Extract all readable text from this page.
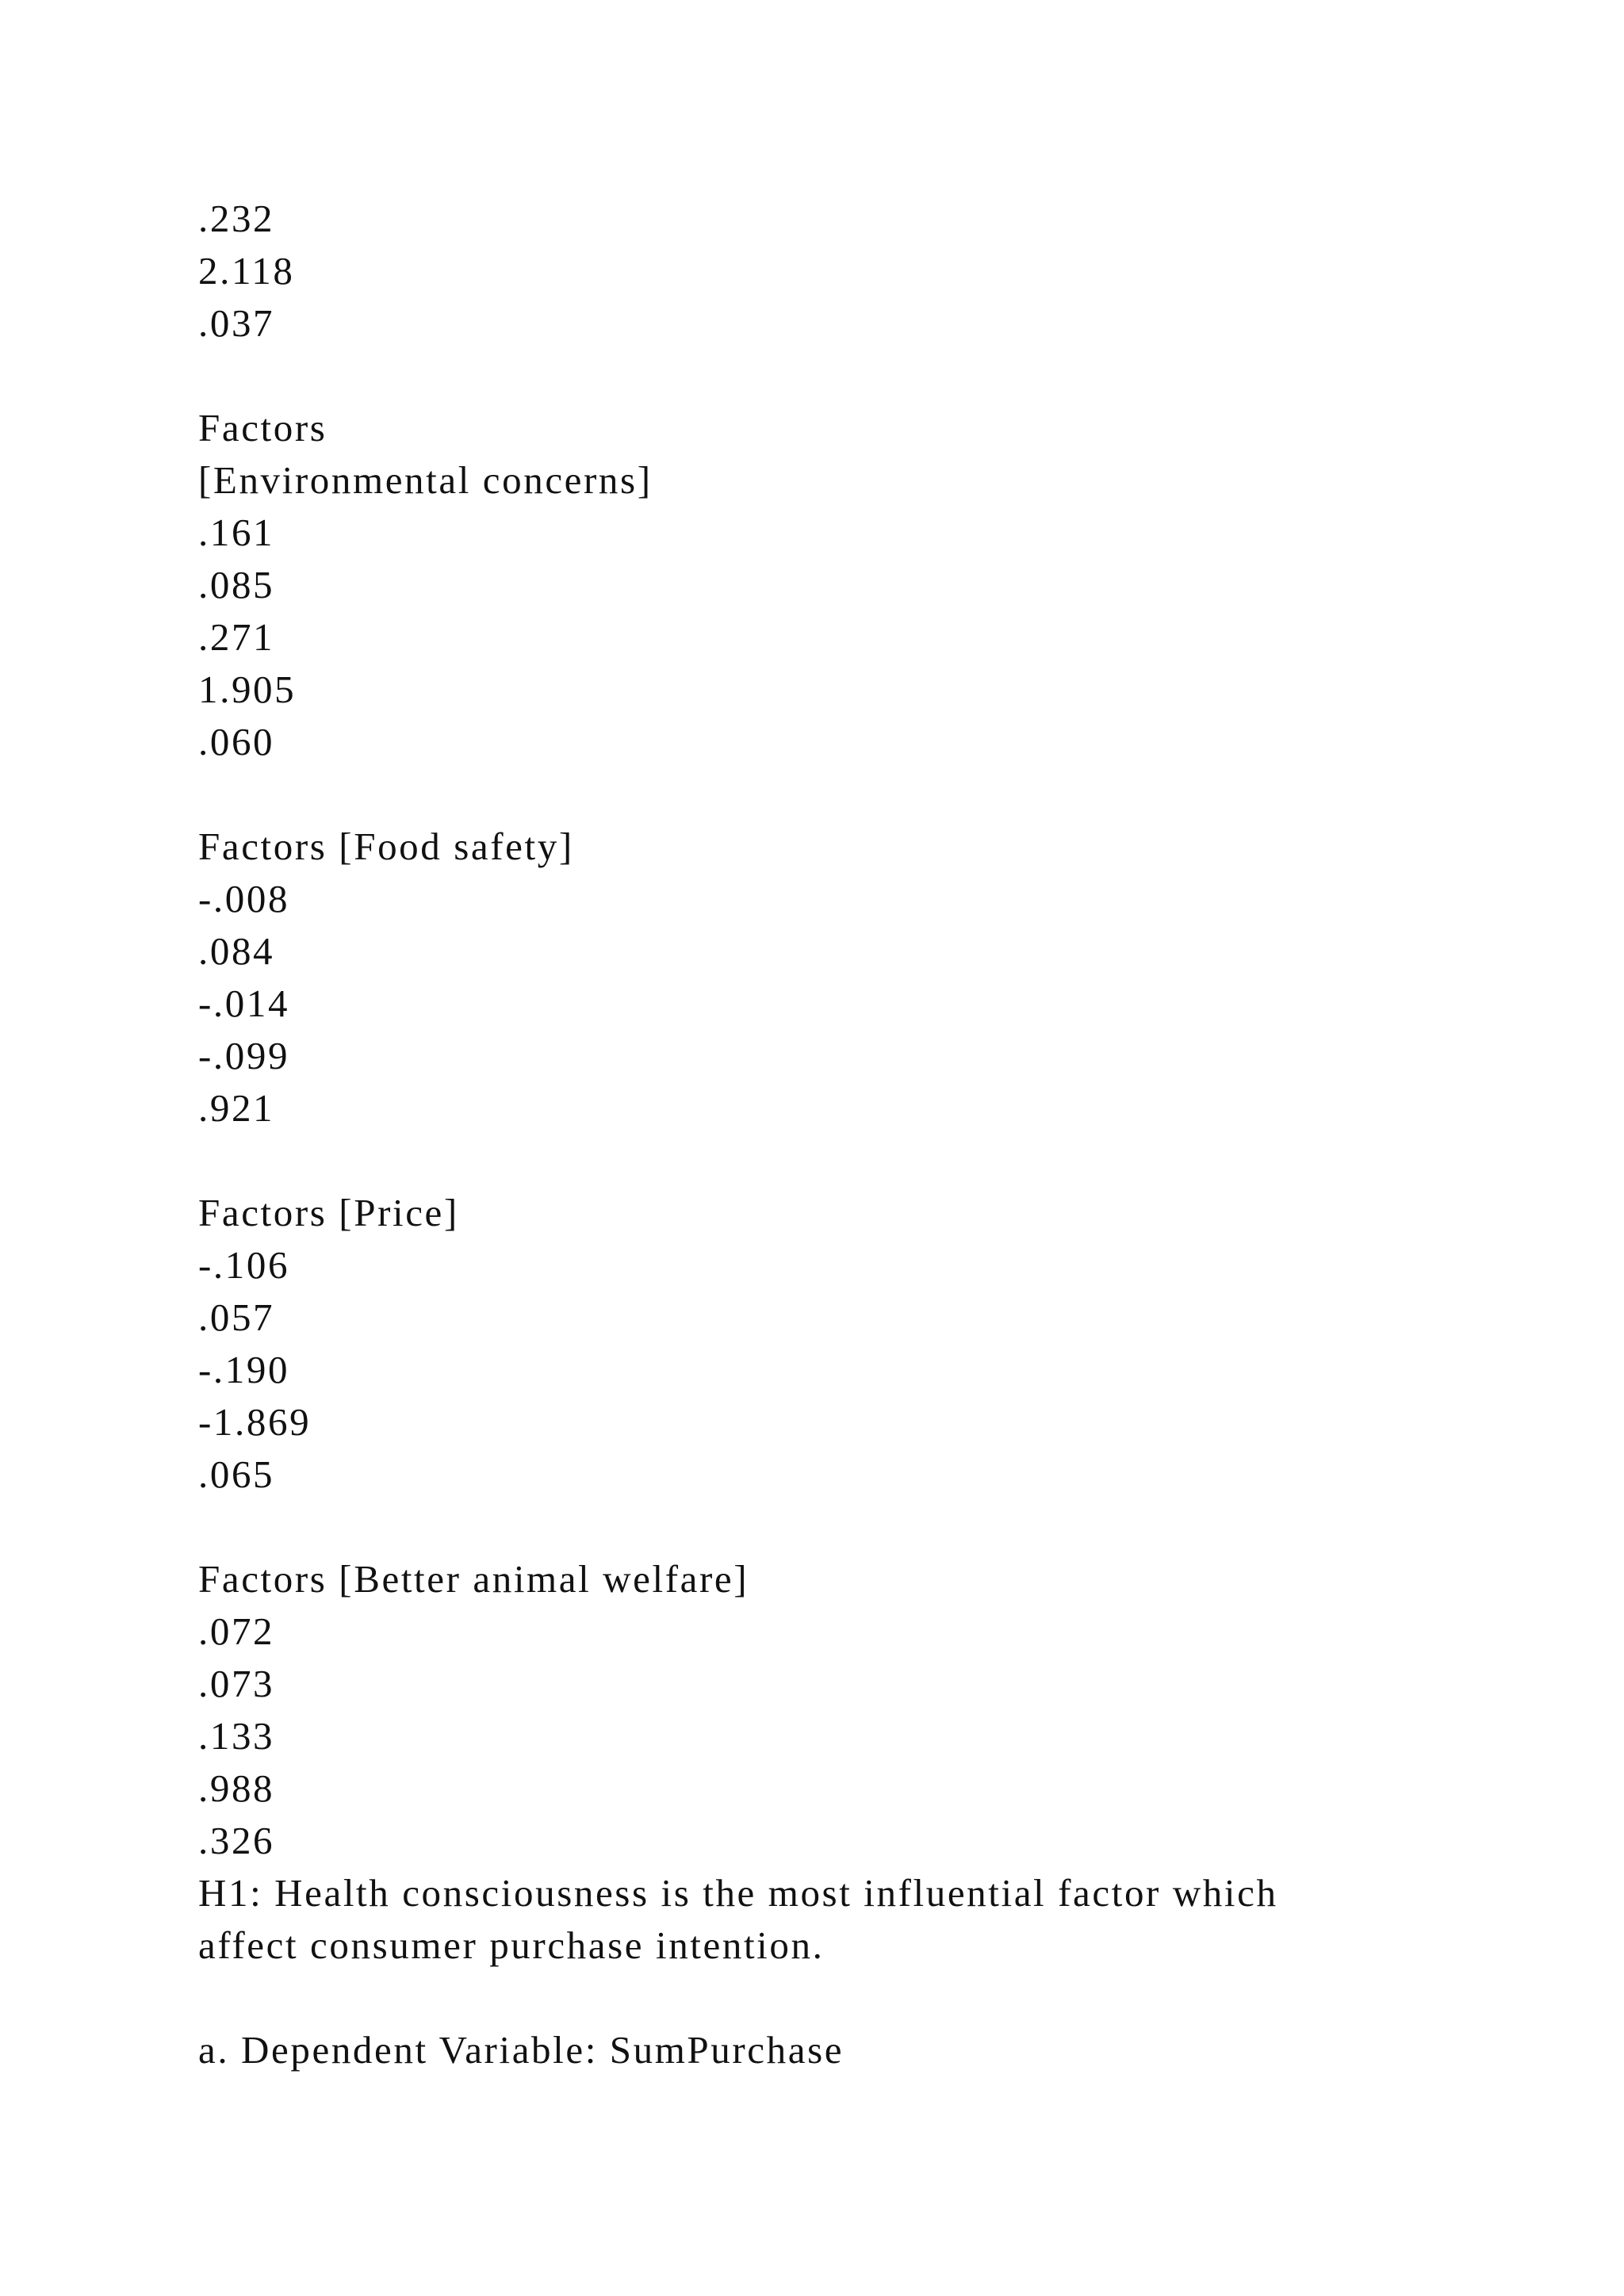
.232
2.118
.037
Factors
[Environmental concerns]
.161
.085
.271
1.905
.060
Factors [Food safety]
-.008
.084
-.014
-.099
.921
Factors [Price]
-.106
.057
-.190
-1.869
.065
Factors [Better animal welfare]
.072
.073
.133
.988
.326
H1: Health consciousness is the most influential factor which
affect consumer purchase intention.
a. Dependent Variable: SumPurchase
